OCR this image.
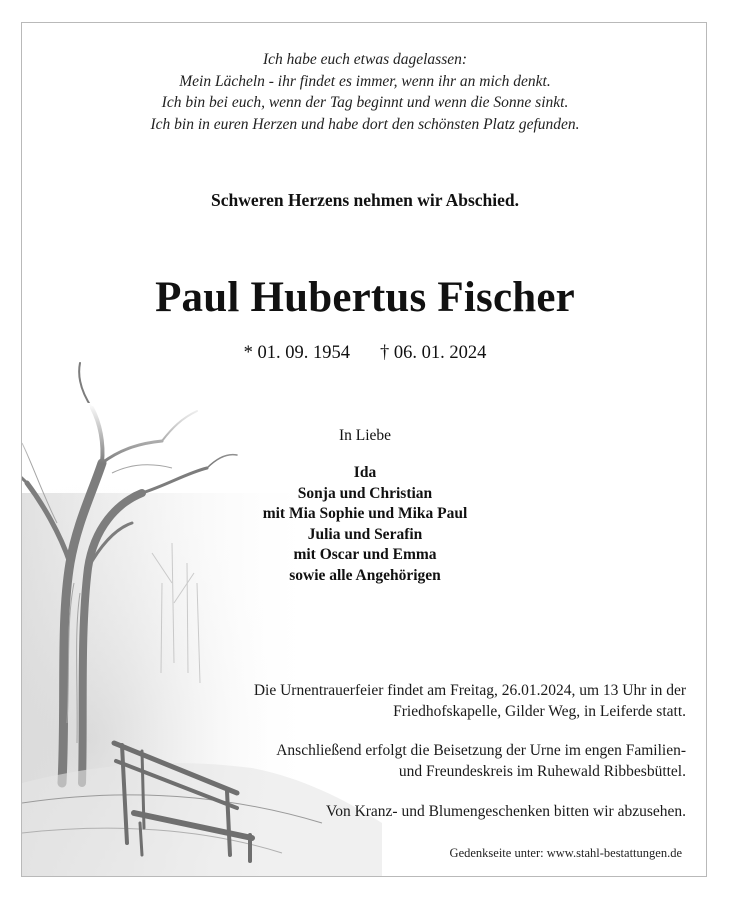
Ich habe euch etwas dagelassen:
Mein Lächeln - ihr findet es immer, wenn ihr an mich denkt.
Ich bin bei euch, wenn der Tag beginnt und wenn die Sonne sinkt.
Ich bin in euren Herzen und habe dort den schönsten Platz gefunden.
Schweren Herzens nehmen wir Abschied.
Paul Hubertus Fischer
* 01. 09. 1954 † 06. 01. 2024
In Liebe
Ida
Sonja und Christian
mit Mia Sophie und Mika Paul
Julia und Serafin
mit Oscar und Emma
sowie alle Angehörigen
Die Urnentrauerfeier findet am Freitag, 26.01.2024, um 13 Uhr in der
Friedhofskapelle, Gilder Weg, in Leiferde statt.
Anschließend erfolgt die Beisetzung der Urne im engen Familien-
und Freundeskreis im Ruhewald Ribbesbüttel.
Von Kranz- und Blumengeschenken bitten wir abzusehen.
Gedenkseite unter: www.stahl-bestattungen.de
